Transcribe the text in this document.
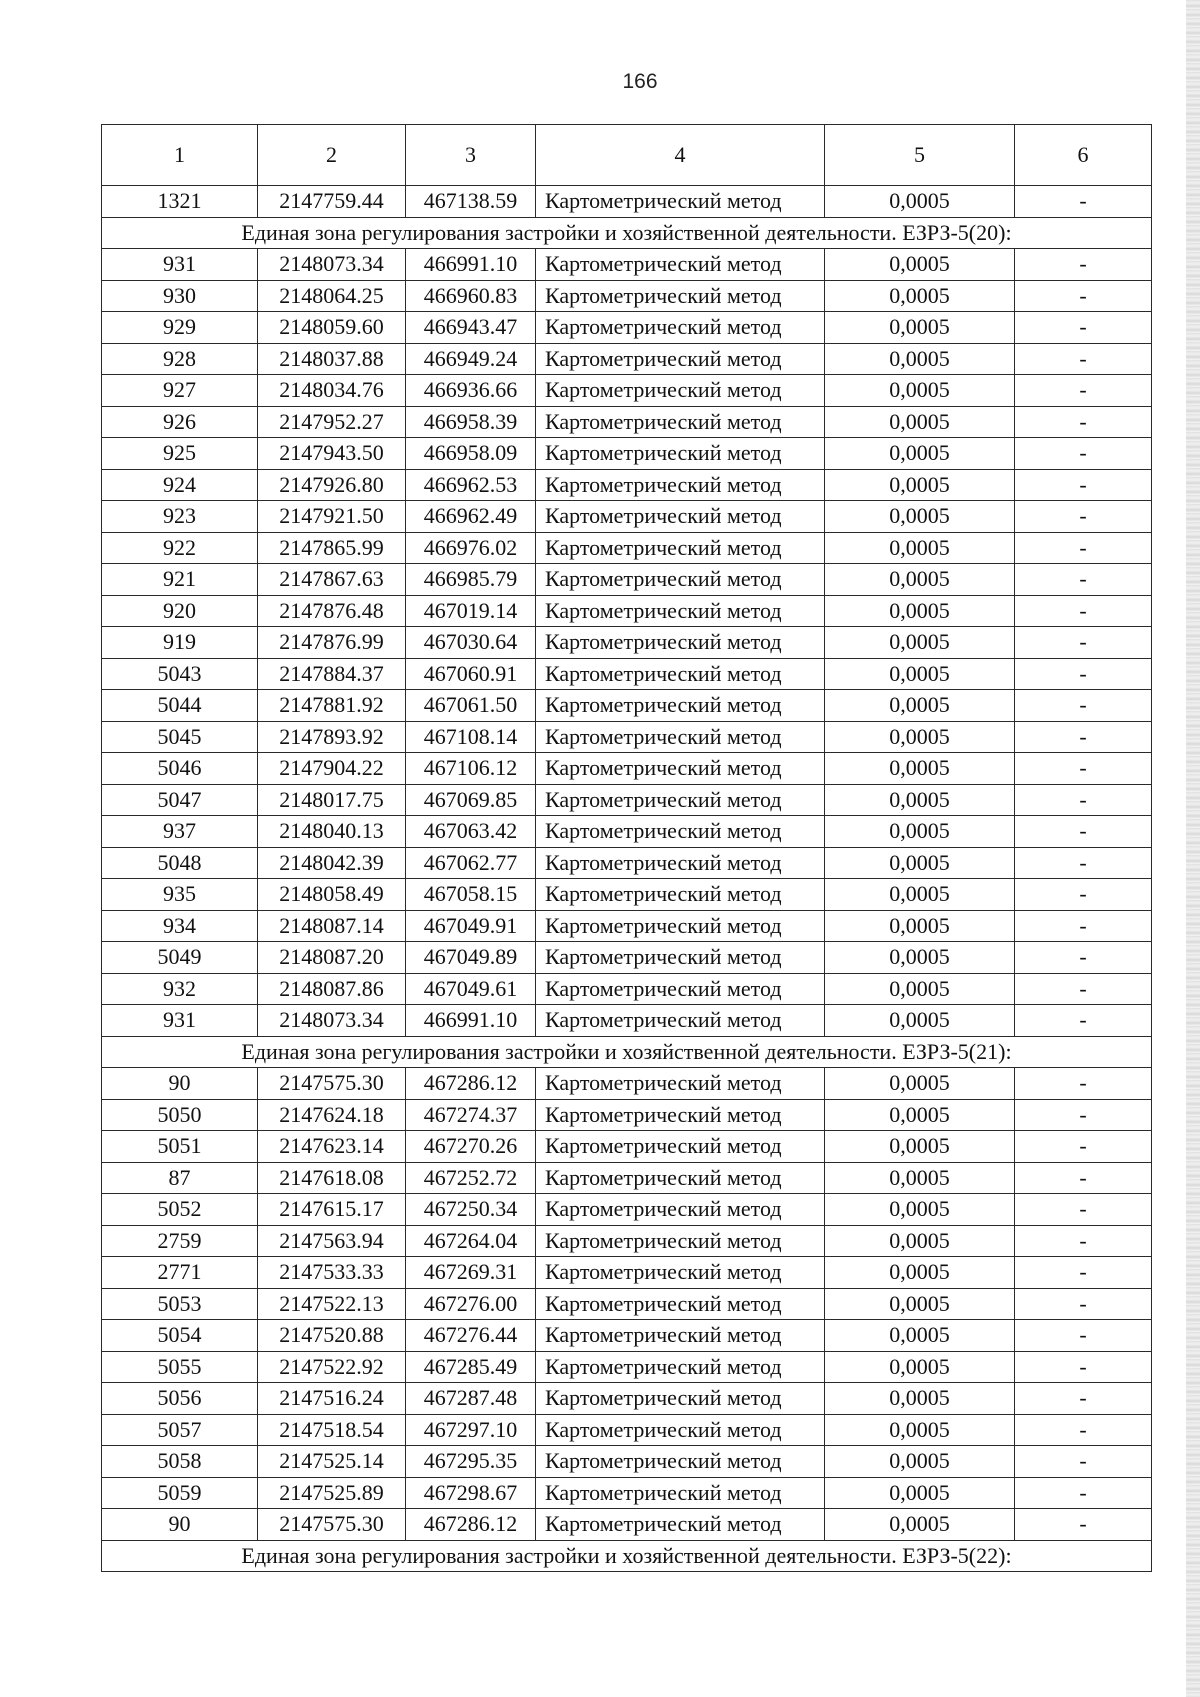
166
1	2	3	4	5	6
1321	2147759.44	467138.59	Картометрический метод	0,0005	-
Единая зона регулирования застройки и хозяйственной деятельности. ЕЗРЗ-5(20):					
931	2148073.34	466991.10	Картометрический метод	0,0005	-
930	2148064.25	466960.83	Картометрический метод	0,0005	-
929	2148059.60	466943.47	Картометрический метод	0,0005	-
928	2148037.88	466949.24	Картометрический метод	0,0005	-
927	2148034.76	466936.66	Картометрический метод	0,0005	-
926	2147952.27	466958.39	Картометрический метод	0,0005	-
925	2147943.50	466958.09	Картометрический метод	0,0005	-
924	2147926.80	466962.53	Картометрический метод	0,0005	-
923	2147921.50	466962.49	Картометрический метод	0,0005	-
922	2147865.99	466976.02	Картометрический метод	0,0005	-
921	2147867.63	466985.79	Картометрический метод	0,0005	-
920	2147876.48	467019.14	Картометрический метод	0,0005	-
919	2147876.99	467030.64	Картометрический метод	0,0005	-
5043	2147884.37	467060.91	Картометрический метод	0,0005	-
5044	2147881.92	467061.50	Картометрический метод	0,0005	-
5045	2147893.92	467108.14	Картометрический метод	0,0005	-
5046	2147904.22	467106.12	Картометрический метод	0,0005	-
5047	2148017.75	467069.85	Картометрический метод	0,0005	-
937	2148040.13	467063.42	Картометрический метод	0,0005	-
5048	2148042.39	467062.77	Картометрический метод	0,0005	-
935	2148058.49	467058.15	Картометрический метод	0,0005	-
934	2148087.14	467049.91	Картометрический метод	0,0005	-
5049	2148087.20	467049.89	Картометрический метод	0,0005	-
932	2148087.86	467049.61	Картометрический метод	0,0005	-
931	2148073.34	466991.10	Картометрический метод	0,0005	-
Единая зона регулирования застройки и хозяйственной деятельности. ЕЗРЗ-5(21):					
90	2147575.30	467286.12	Картометрический метод	0,0005	-
5050	2147624.18	467274.37	Картометрический метод	0,0005	-
5051	2147623.14	467270.26	Картометрический метод	0,0005	-
87	2147618.08	467252.72	Картометрический метод	0,0005	-
5052	2147615.17	467250.34	Картометрический метод	0,0005	-
2759	2147563.94	467264.04	Картометрический метод	0,0005	-
2771	2147533.33	467269.31	Картометрический метод	0,0005	-
5053	2147522.13	467276.00	Картометрический метод	0,0005	-
5054	2147520.88	467276.44	Картометрический метод	0,0005	-
5055	2147522.92	467285.49	Картометрический метод	0,0005	-
5056	2147516.24	467287.48	Картометрический метод	0,0005	-
5057	2147518.54	467297.10	Картометрический метод	0,0005	-
5058	2147525.14	467295.35	Картометрический метод	0,0005	-
5059	2147525.89	467298.67	Картометрический метод	0,0005	-
90	2147575.30	467286.12	Картометрический метод	0,0005	-
Единая зона регулирования застройки и хозяйственной деятельности. ЕЗРЗ-5(22):					
